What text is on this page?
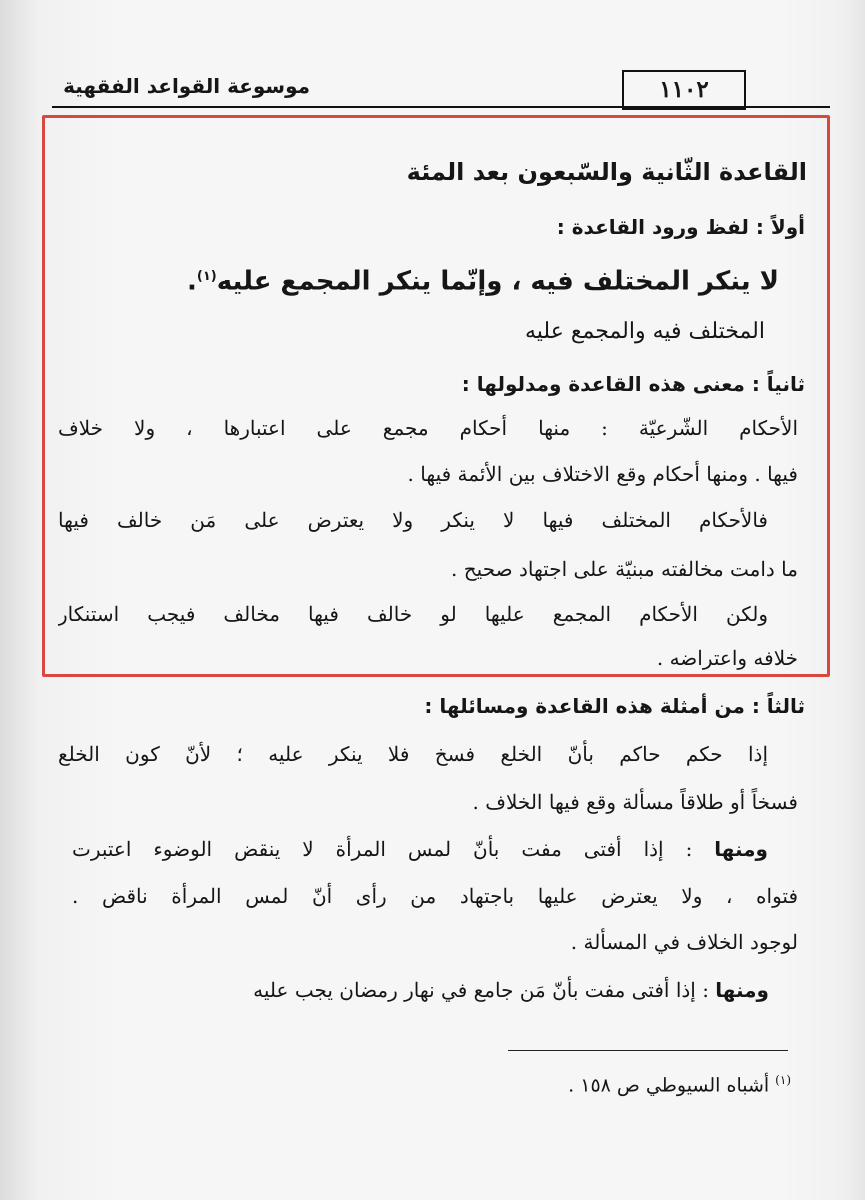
١١٠٢
موسوعة القواعد الفقهية
القاعدة الثّانية والسّبعون بعد المئة
أولاً : لفظ ورود القاعدة :
لا ينكر المختلف فيه ، وإنّما ينكر المجمع عليه$^{(١)}$.
المختلف فيه والمجمع عليه
ثانياً : معنى هذه القاعدة ومدلولها :
الأحكام الشّرعيّة : منها أحكام مجمع على اعتبارها ، ولا خلاف
فيها . ومنها أحكام وقع الاختلاف بين الأئمة فيها .
فالأحكام المختلف فيها لا ينكر ولا يعترض على مَن خالف فيها
ما دامت مخالفته مبنيّة على اجتهاد صحيح .
ولكن الأحكام المجمع عليها لو خالف فيها مخالف فيجب استنكار
خلافه واعتراضه .
ثالثاً : من أمثلة هذه القاعدة ومسائلها :
إذا حكم حاكم بأنّ الخلع فسخ فلا ينكر عليه ؛ لأنّ كون الخلع
فسخاً أو طلاقاً مسألة وقع فيها الخلاف .
ومنها : إذا أفتى مفت بأنّ لمس المرأة لا ينقض الوضوء اعتبرت
فتواه ، ولا يعترض عليها باجتهاد من رأى أنّ لمس المرأة ناقض .
لوجود الخلاف في المسألة .
ومنها : إذا أفتى مفت بأنّ مَن جامع في نهار رمضان يجب عليه
$^{(١)}$أشباه السيوطي ص ١٥٨ .
